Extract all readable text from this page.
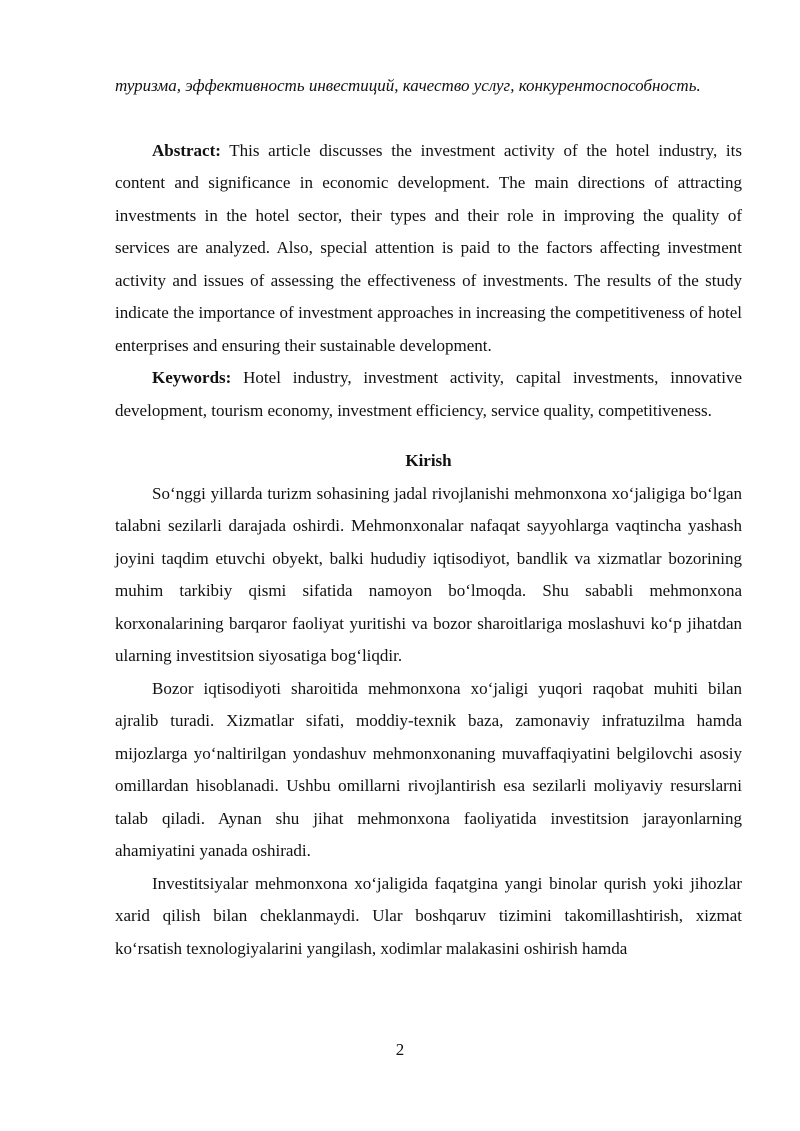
туризма, эффективность инвестиций, качество услуг, конкурентоспособность.

Abstract: This article discusses the investment activity of the hotel industry, its content and significance in economic development. The main directions of attracting investments in the hotel sector, their types and their role in improving the quality of services are analyzed. Also, special attention is paid to the factors affecting investment activity and issues of assessing the effectiveness of investments. The results of the study indicate the importance of investment approaches in increasing the competitiveness of hotel enterprises and ensuring their sustainable development.

Keywords: Hotel industry, investment activity, capital investments, innovative development, tourism economy, investment efficiency, service quality, competitiveness.

Kirish

So‘nggi yillarda turizm sohasining jadal rivojlanishi mehmonxona xo‘jaligiga bo‘lgan talabni sezilarli darajada oshirdi. Mehmonxonalar nafaqat sayyohlarga vaqtincha yashash joyini taqdim etuvchi obyekt, balki hududiy iqtisodiyot, bandlik va xizmatlar bozorining muhim tarkibiy qismi sifatida namoyon bo‘lmoqda. Shu sababli mehmonxona korxonalarining barqaror faoliyat yuritishi va bozor sharoitlariga moslashuvi ko‘p jihatdan ularning investitsion siyosatiga bog‘liqdir.

Bozor iqtisodiyoti sharoitida mehmonxona xo‘jaligi yuqori raqobat muhiti bilan ajralib turadi. Xizmatlar sifati, moddiy-texnik baza, zamonaviy infratuzilma hamda mijozlarga yo‘naltirilgan yondashuv mehmonxonaning muvaffaqiyatini belgilovchi asosiy omillardan hisoblanadi. Ushbu omillarni rivojlantirish esa sezilarli moliyaviy resurslarni talab qiladi. Aynan shu jihat mehmonxona faoliyatida investitsion jarayonlarning ahamiyatini yanada oshiradi.

Investitsiyalar mehmonxona xo‘jaligida faqatgina yangi binolar qurish yoki jihozlar xarid qilish bilan cheklanmaydi. Ular boshqaruv tizimini takomillashtirish, xizmat ko‘rsatish texnologiyalarini yangilash, xodimlar malakasini oshirish hamda

2
